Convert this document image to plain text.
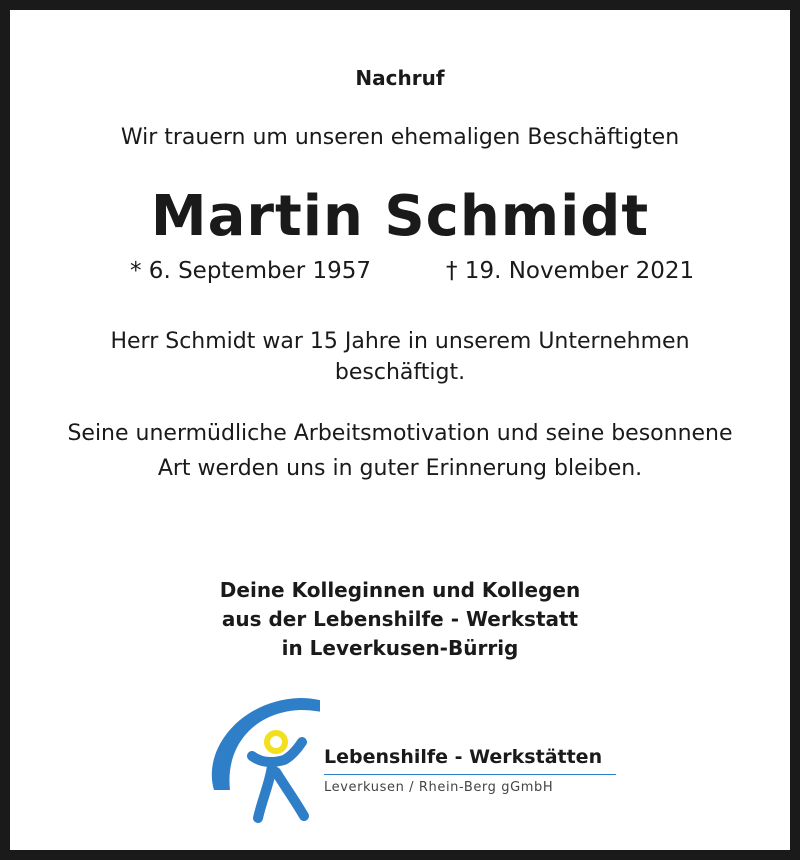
Nachruf
Wir trauern um unseren ehemaligen Beschäftigten
Martin Schmidt
* 6. September 1957	† 19. November 2021
Herr Schmidt war 15 Jahre in unserem Unternehmen
beschäftigt.
Seine unermüdliche Arbeitsmotivation und seine besonnene
Art werden uns in guter Erinnerung bleiben.
Deine Kolleginnen und Kollegen
aus der Lebenshilfe - Werkstatt
in Leverkusen-Bürrig
Lebenshilfe - Werkstätten
Leverkusen / Rhein-Berg gGmbH
